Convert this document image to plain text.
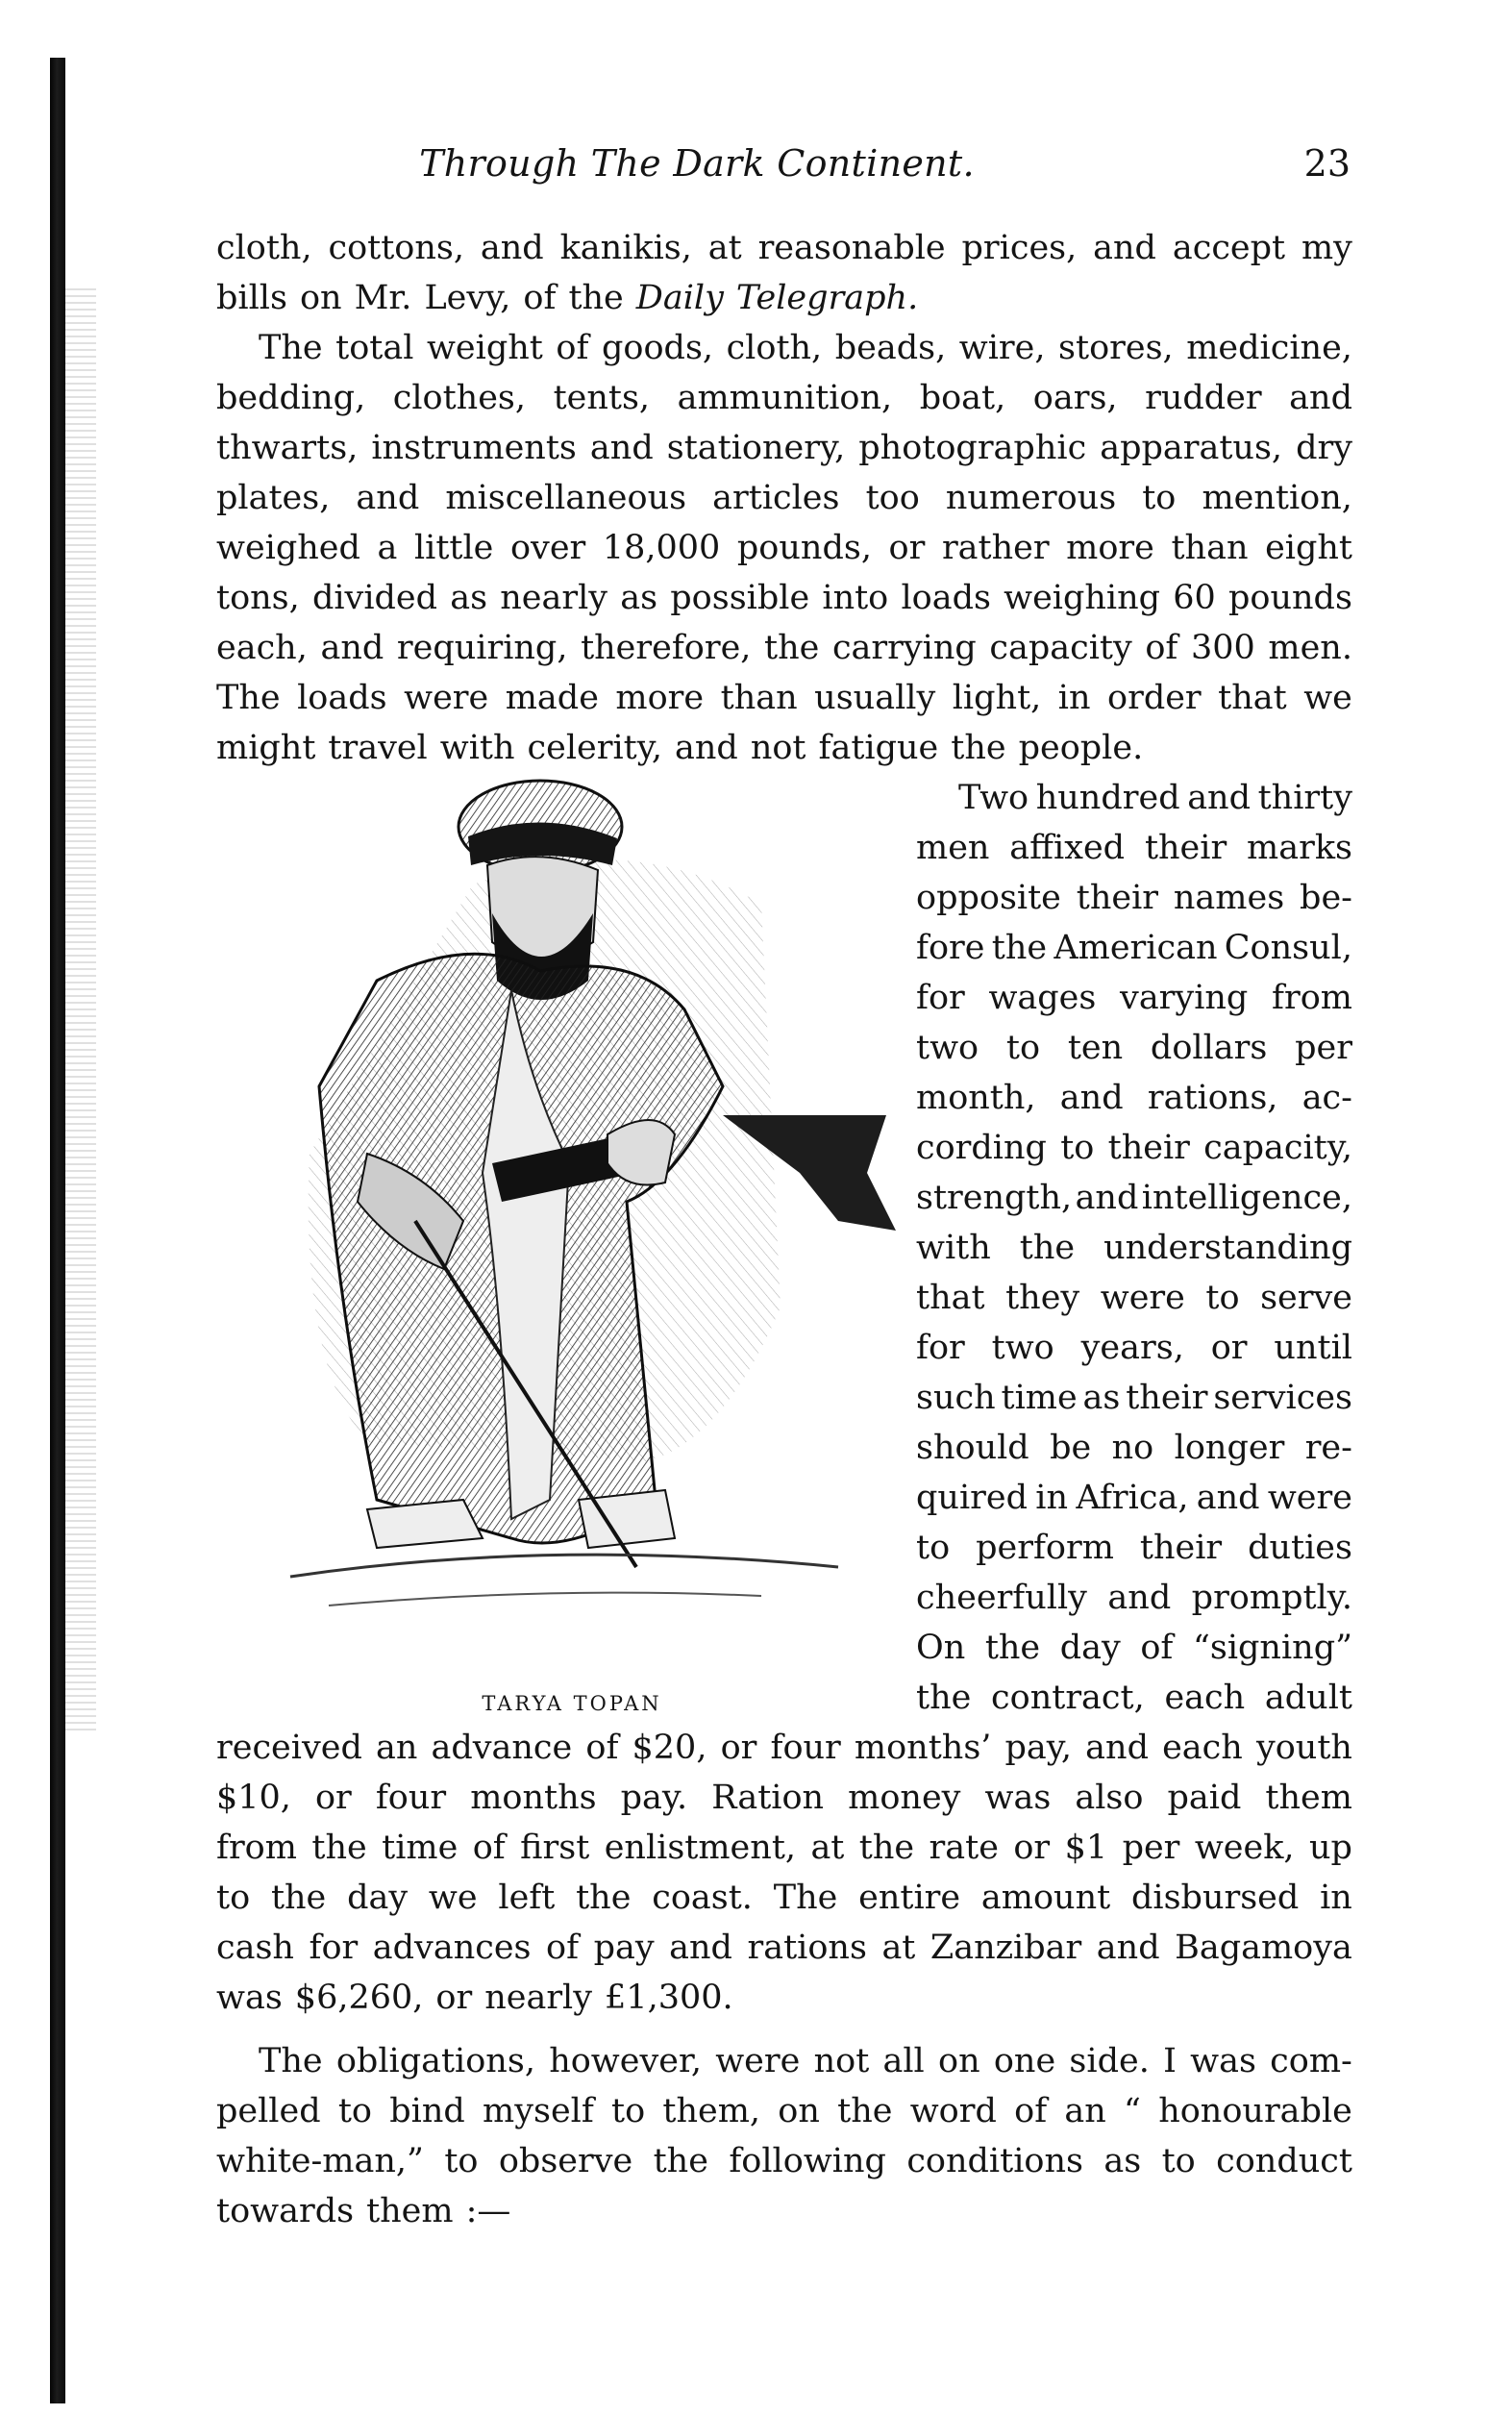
Through The Dark Continent.	23
cloth, cottons, and kanikis, at reasonable prices, and accept my
bills on Mr. Levy, of the Daily Telegraph.
The total weight of goods, cloth, beads, wire, stores, medicine,
bedding, clothes, tents, ammunition, boat, oars, rudder and
thwarts, instruments and stationery, photographic apparatus, dry
plates, and miscellaneous articles too numerous to mention,
weighed a little over 18,000 pounds, or rather more than eight
tons, divided as nearly as possible into loads weighing 60 pounds
each, and requiring, therefore, the carrying capacity of 300 men.
The loads were made more than usually light, in order that we
might travel with celerity, and not fatigue the people.
Two hundred and thirty
men affixed their marks
opposite their names be-
fore the American Consul,
for wages varying from
two to ten dollars per
month, and rations, ac-
cording to their capacity,
strength, and intelligence,
with the understanding
that they were to serve
for two years, or until
such time as their services
should be no longer re-
quired in Africa, and were
to perform their duties
cheerfully and promptly.
On the day of “signing”
the contract, each adult
TARYA TOPAN
received an advance of $20, or four months’ pay, and each youth
$10, or four months pay. Ration money was also paid them
from the time of first enlistment, at the rate or $1 per week, up
to the day we left the coast. The entire amount disbursed in
cash for advances of pay and rations at Zanzibar and Bagamoya
was $6,260, or nearly £1,300.
The obligations, however, were not all on one side. I was com-
pelled to bind myself to them, on the word of an “ honourable
white-man,” to observe the following conditions as to conduct
towards them :—
